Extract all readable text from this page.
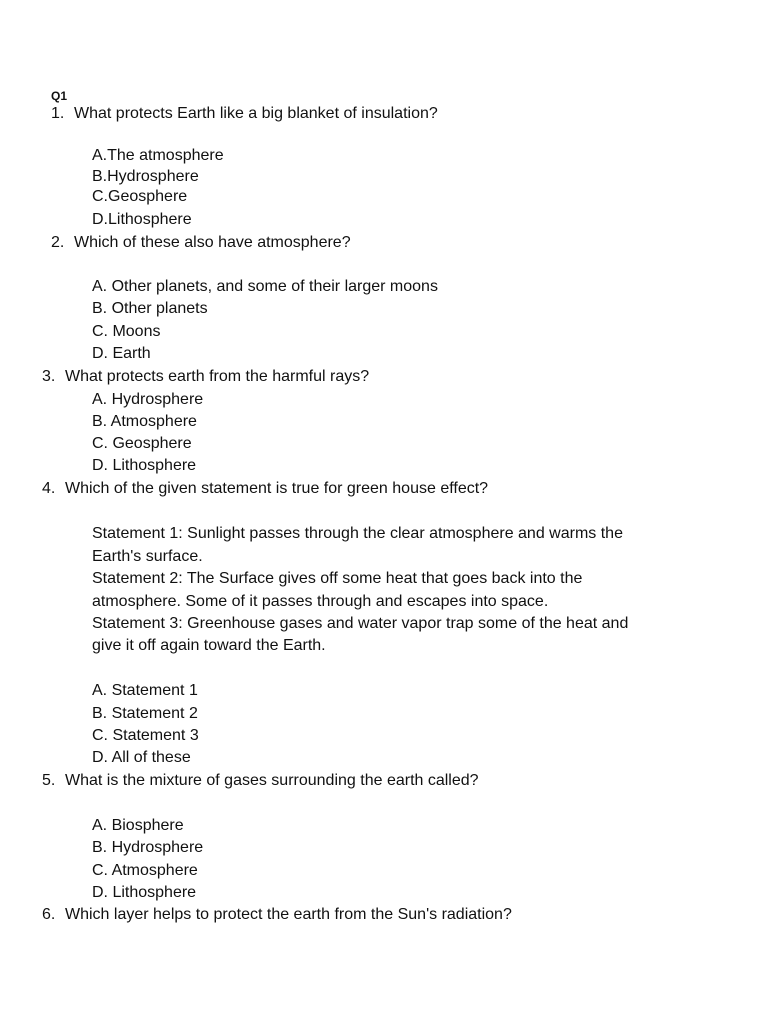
Q1
1. What protects Earth like a big blanket of insulation?
A.The atmosphere
B.Hydrosphere
C.Geosphere
D.Lithosphere
2. Which of these also have atmosphere?
A. Other planets, and some of their larger moons
B. Other planets
C. Moons
D. Earth
3. What protects earth from the harmful rays?
A. Hydrosphere
B. Atmosphere
C. Geosphere
D. Lithosphere
4. Which of the given statement is true for green house effect?
Statement 1: Sunlight passes through the clear atmosphere and warms the
Earth's surface.
Statement 2: The Surface gives off some heat that goes back into the
atmosphere. Some of it passes through and escapes into space.
Statement 3: Greenhouse gases and water vapor trap some of the heat and
give it off again toward the Earth.
A. Statement 1
B. Statement 2
C. Statement 3
D. All of these
5. What is the mixture of gases surrounding the earth called?
A. Biosphere
B. Hydrosphere
C. Atmosphere
D. Lithosphere
6. Which layer helps to protect the earth from the Sun's radiation?
